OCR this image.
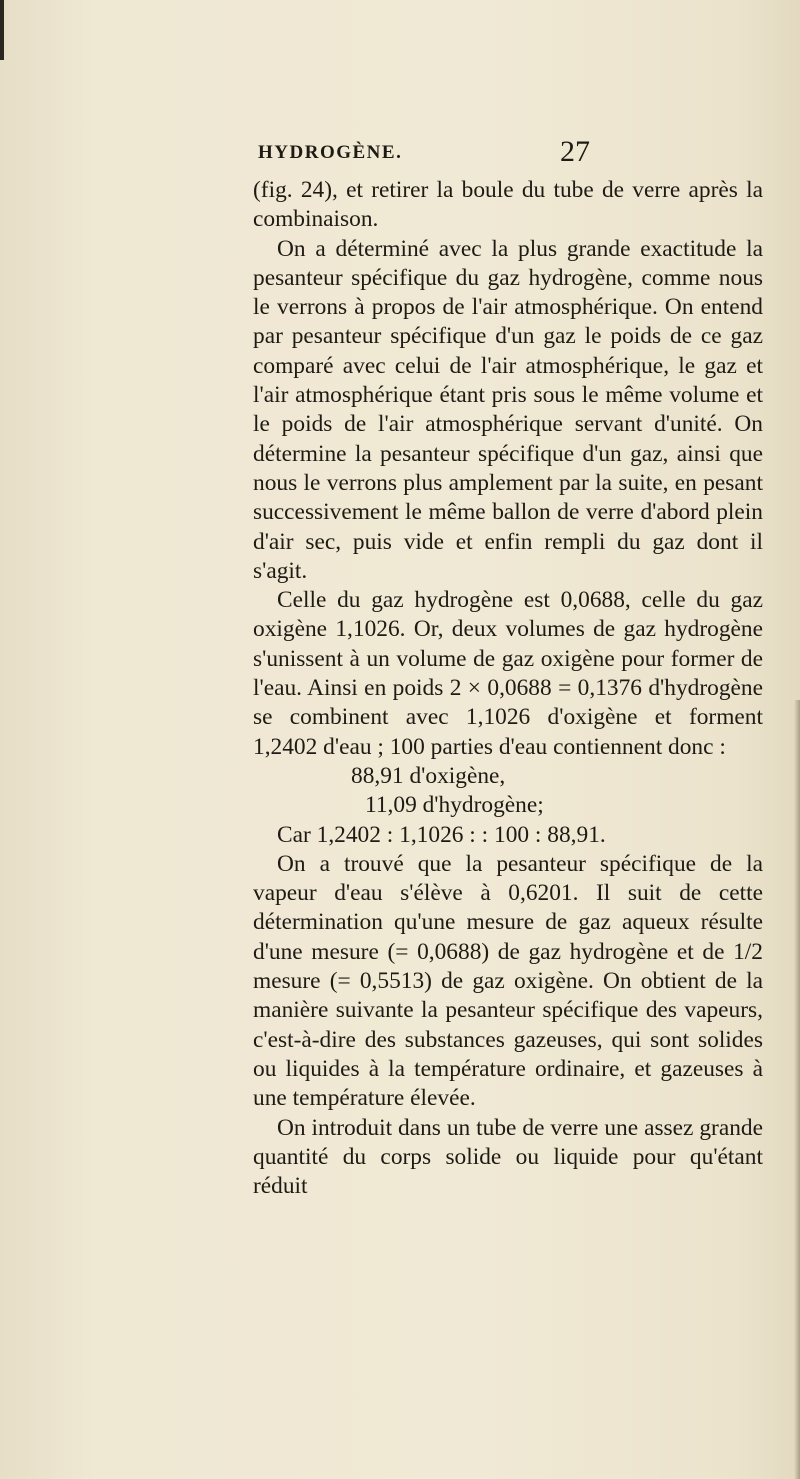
HYDROGÈNE.	27

(fig. 24), et retirer la boule du tube de verre après la combinaison.

On a déterminé avec la plus grande exactitude la pesanteur spécifique du gaz hydrogène, comme nous le verrons à propos de l'air atmosphérique. On entend par pesanteur spécifique d'un gaz le poids de ce gaz comparé avec celui de l'air atmosphérique, le gaz et l'air atmosphérique étant pris sous le même volume et le poids de l'air atmosphérique servant d'unité. On détermine la pesanteur spécifique d'un gaz, ainsi que nous le verrons plus amplement par la suite, en pesant successivement le même ballon de verre d'abord plein d'air sec, puis vide et enfin rempli du gaz dont il s'agit.

Celle du gaz hydrogène est 0,0688, celle du gaz oxigène 1,1026. Or, deux volumes de gaz hydrogène s'unissent à un volume de gaz oxigène pour former de l'eau. Ainsi en poids 2 × 0,0688 = 0,1376 d'hydrogène se combinent avec 1,1026 d'oxigène et forment 1,2402 d'eau ; 100 parties d'eau contiennent donc :

88,91 d'oxigène,

11,09 d'hydrogène;

Car 1,2402 : 1,1026 : : 100 : 88,91.

On a trouvé que la pesanteur spécifique de la vapeur d'eau s'élève à 0,6201. Il suit de cette détermination qu'une mesure de gaz aqueux résulte d'une mesure (= 0,0688) de gaz hydrogène et de 1/2 mesure (= 0,5513) de gaz oxigène. On obtient de la manière suivante la pesanteur spécifique des vapeurs, c'est-à-dire des substances gazeuses, qui sont solides ou liquides à la température ordinaire, et gazeuses à une température élevée.

On introduit dans un tube de verre une assez grande quantité du corps solide ou liquide pour qu'étant réduit
